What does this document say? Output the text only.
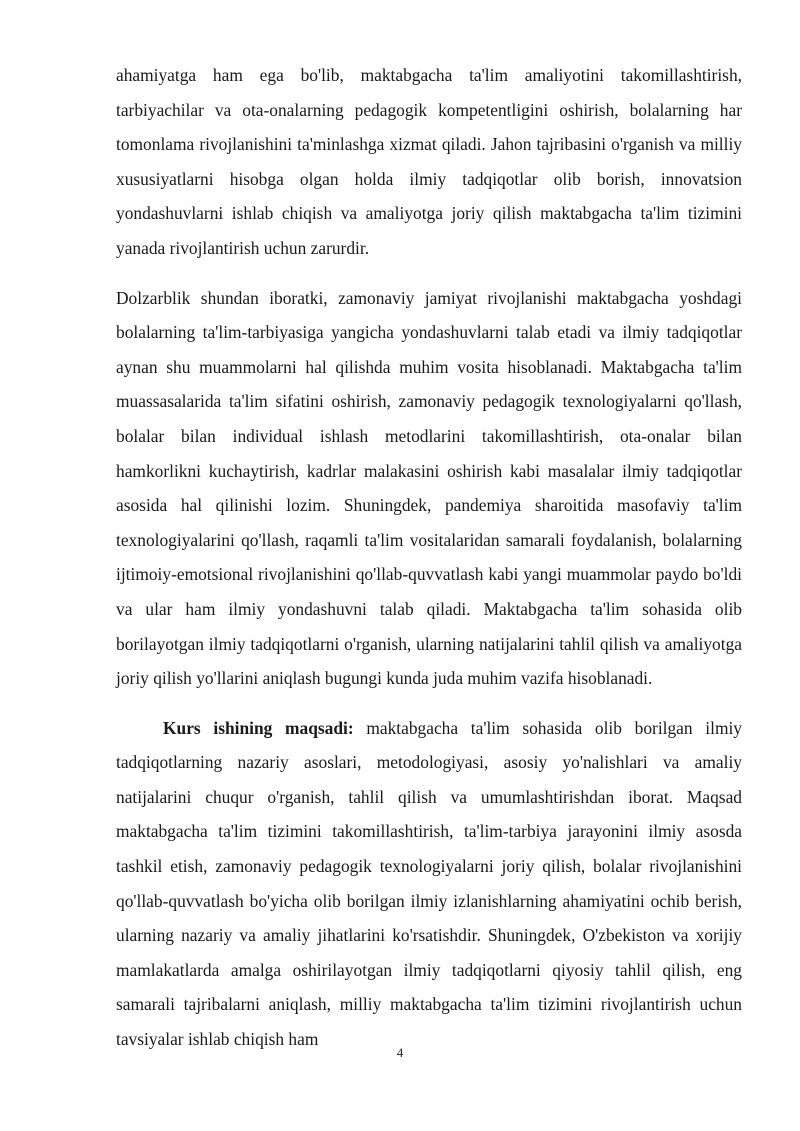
ahamiyatga ham ega bo'lib, maktabgacha ta'lim amaliyotini takomillashtirish, tarbiyachilar va ota-onalarning pedagogik kompetentligini oshirish, bolalarning har tomonlama rivojlanishini ta'minlashga xizmat qiladi. Jahon tajribasini o'rganish va milliy xususiyatlarni hisobga olgan holda ilmiy tadqiqotlar olib borish, innovatsion yondashuvlarni ishlab chiqish va amaliyotga joriy qilish maktabgacha ta'lim tizimini yanada rivojlantirish uchun zarurdir.

Dolzarblik shundan iboratki, zamonaviy jamiyat rivojlanishi maktabgacha yoshdagi bolalarning ta'lim-tarbiyasiga yangicha yondashuvlarni talab etadi va ilmiy tadqiqotlar aynan shu muammolarni hal qilishda muhim vosita hisoblanadi. Maktabgacha ta'lim muassasalarida ta'lim sifatini oshirish, zamonaviy pedagogik texnologiyalarni qo'llash, bolalar bilan individual ishlash metodlarini takomillashtirish, ota-onalar bilan hamkorlikni kuchaytirish, kadrlar malakasini oshirish kabi masalalar ilmiy tadqiqotlar asosida hal qilinishi lozim. Shuningdek, pandemiya sharoitida masofaviy ta'lim texnologiyalarini qo'llash, raqamli ta'lim vositalaridan samarali foydalanish, bolalarning ijtimoiy-emotsional rivojlanishini qo'llab-quvvatlash kabi yangi muammolar paydo bo'ldi va ular ham ilmiy yondashuvni talab qiladi. Maktabgacha ta'lim sohasida olib borilayotgan ilmiy tadqiqotlarni o'rganish, ularning natijalarini tahlil qilish va amaliyotga joriy qilish yo'llarini aniqlash bugungi kunda juda muhim vazifa hisoblanadi.

Kurs ishining maqsadi: maktabgacha ta'lim sohasida olib borilgan ilmiy tadqiqotlarning nazariy asoslari, metodologiyasi, asosiy yo'nalishlari va amaliy natijalarini chuqur o'rganish, tahlil qilish va umumlashtirishdan iborat. Maqsad maktabgacha ta'lim tizimini takomillashtirish, ta'lim-tarbiya jarayonini ilmiy asosda tashkil etish, zamonaviy pedagogik texnologiyalarni joriy qilish, bolalar rivojlanishini qo'llab-quvvatlash bo'yicha olib borilgan ilmiy izlanishlarning ahamiyatini ochib berish, ularning nazariy va amaliy jihatlarini ko'rsatishdir. Shuningdek, O'zbekiston va xorijiy mamlakatlarda amalga oshirilayotgan ilmiy tadqiqotlarni qiyosiy tahlil qilish, eng samarali tajribalarni aniqlash, milliy maktabgacha ta'lim tizimini rivojlantirish uchun tavsiyalar ishlab chiqish ham

4
